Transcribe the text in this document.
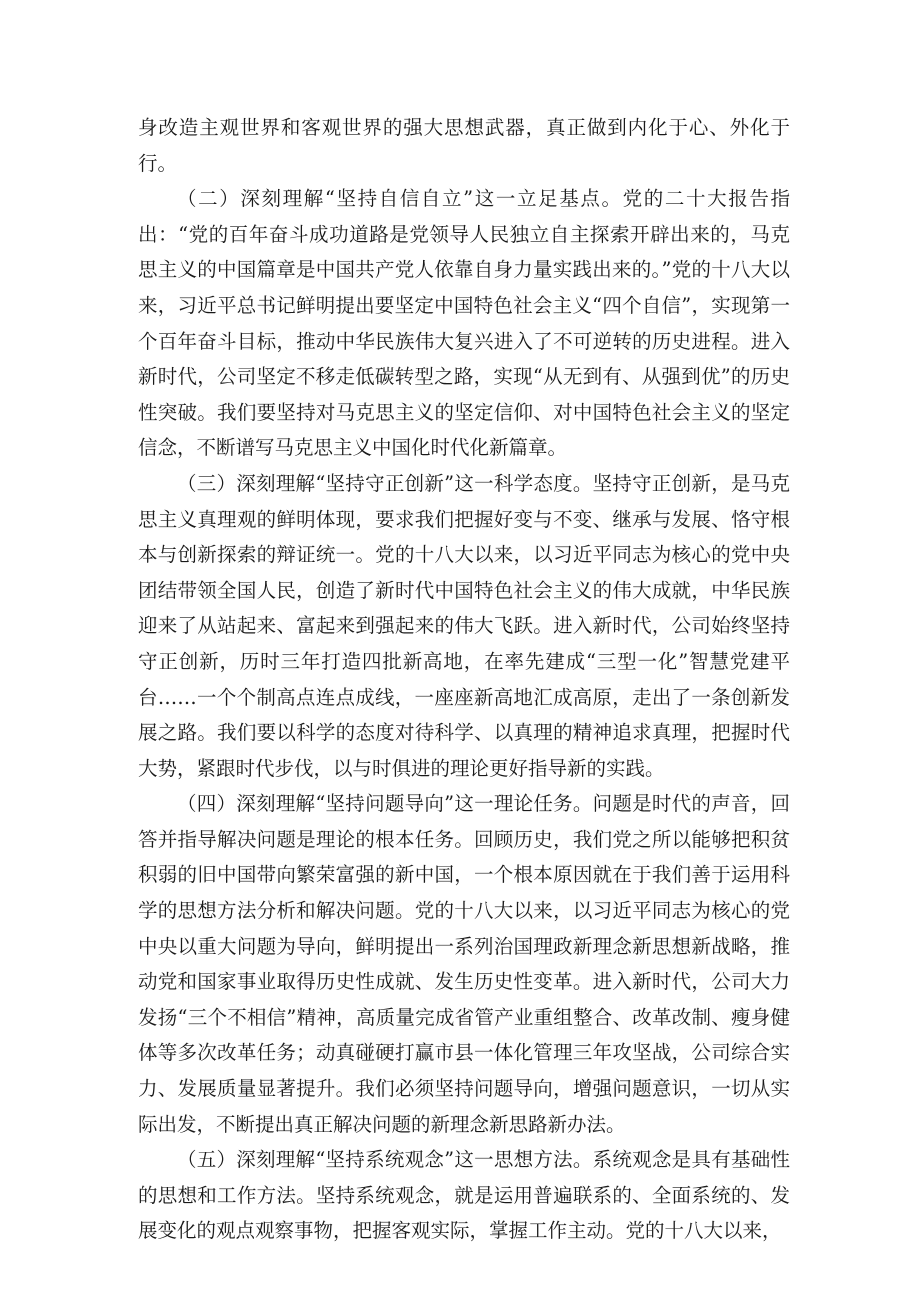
身改造主观世界和客观世界的强大思想武器，真正做到内化于心、外化于行。

（二）深刻理解“坚持自信自立”这一立足基点。党的二十大报告指出：“党的百年奋斗成功道路是党领导人民独立自主探索开辟出来的，马克思主义的中国篇章是中国共产党人依靠自身力量实践出来的。”党的十八大以来，习近平总书记鲜明提出要坚定中国特色社会主义“四个自信”，实现第一个百年奋斗目标，推动中华民族伟大复兴进入了不可逆转的历史进程。进入新时代，公司坚定不移走低碳转型之路，实现“从无到有、从强到优”的历史性突破。我们要坚持对马克思主义的坚定信仰、对中国特色社会主义的坚定信念，不断谱写马克思主义中国化时代化新篇章。

（三）深刻理解“坚持守正创新”这一科学态度。坚持守正创新，是马克思主义真理观的鲜明体现，要求我们把握好变与不变、继承与发展、恪守根本与创新探索的辩证统一。党的十八大以来，以习近平同志为核心的党中央团结带领全国人民，创造了新时代中国特色社会主义的伟大成就，中华民族迎来了从站起来、富起来到强起来的伟大飞跃。进入新时代，公司始终坚持守正创新，历时三年打造四批新高地，在率先建成“三型一化”智慧党建平台……一个个制高点连点成线，一座座新高地汇成高原，走出了一条创新发展之路。我们要以科学的态度对待科学、以真理的精神追求真理，把握时代大势，紧跟时代步伐，以与时俱进的理论更好指导新的实践。

（四）深刻理解“坚持问题导向”这一理论任务。问题是时代的声音，回答并指导解决问题是理论的根本任务。回顾历史，我们党之所以能够把积贫积弱的旧中国带向繁荣富强的新中国，一个根本原因就在于我们善于运用科学的思想方法分析和解决问题。党的十八大以来，以习近平同志为核心的党中央以重大问题为导向，鲜明提出一系列治国理政新理念新思想新战略，推动党和国家事业取得历史性成就、发生历史性变革。进入新时代，公司大力发扬“三个不相信”精神，高质量完成省管产业重组整合、改革改制、瘦身健体等多次改革任务；动真碰硬打赢市县一体化管理三年攻坚战，公司综合实力、发展质量显著提升。我们必须坚持问题导向，增强问题意识，一切从实际出发，不断提出真正解决问题的新理念新思路新办法。

（五）深刻理解“坚持系统观念”这一思想方法。系统观念是具有基础性的思想和工作方法。坚持系统观念，就是运用普遍联系的、全面系统的、发展变化的观点观察事物，把握客观实际，掌握工作主动。党的十八大以来，
